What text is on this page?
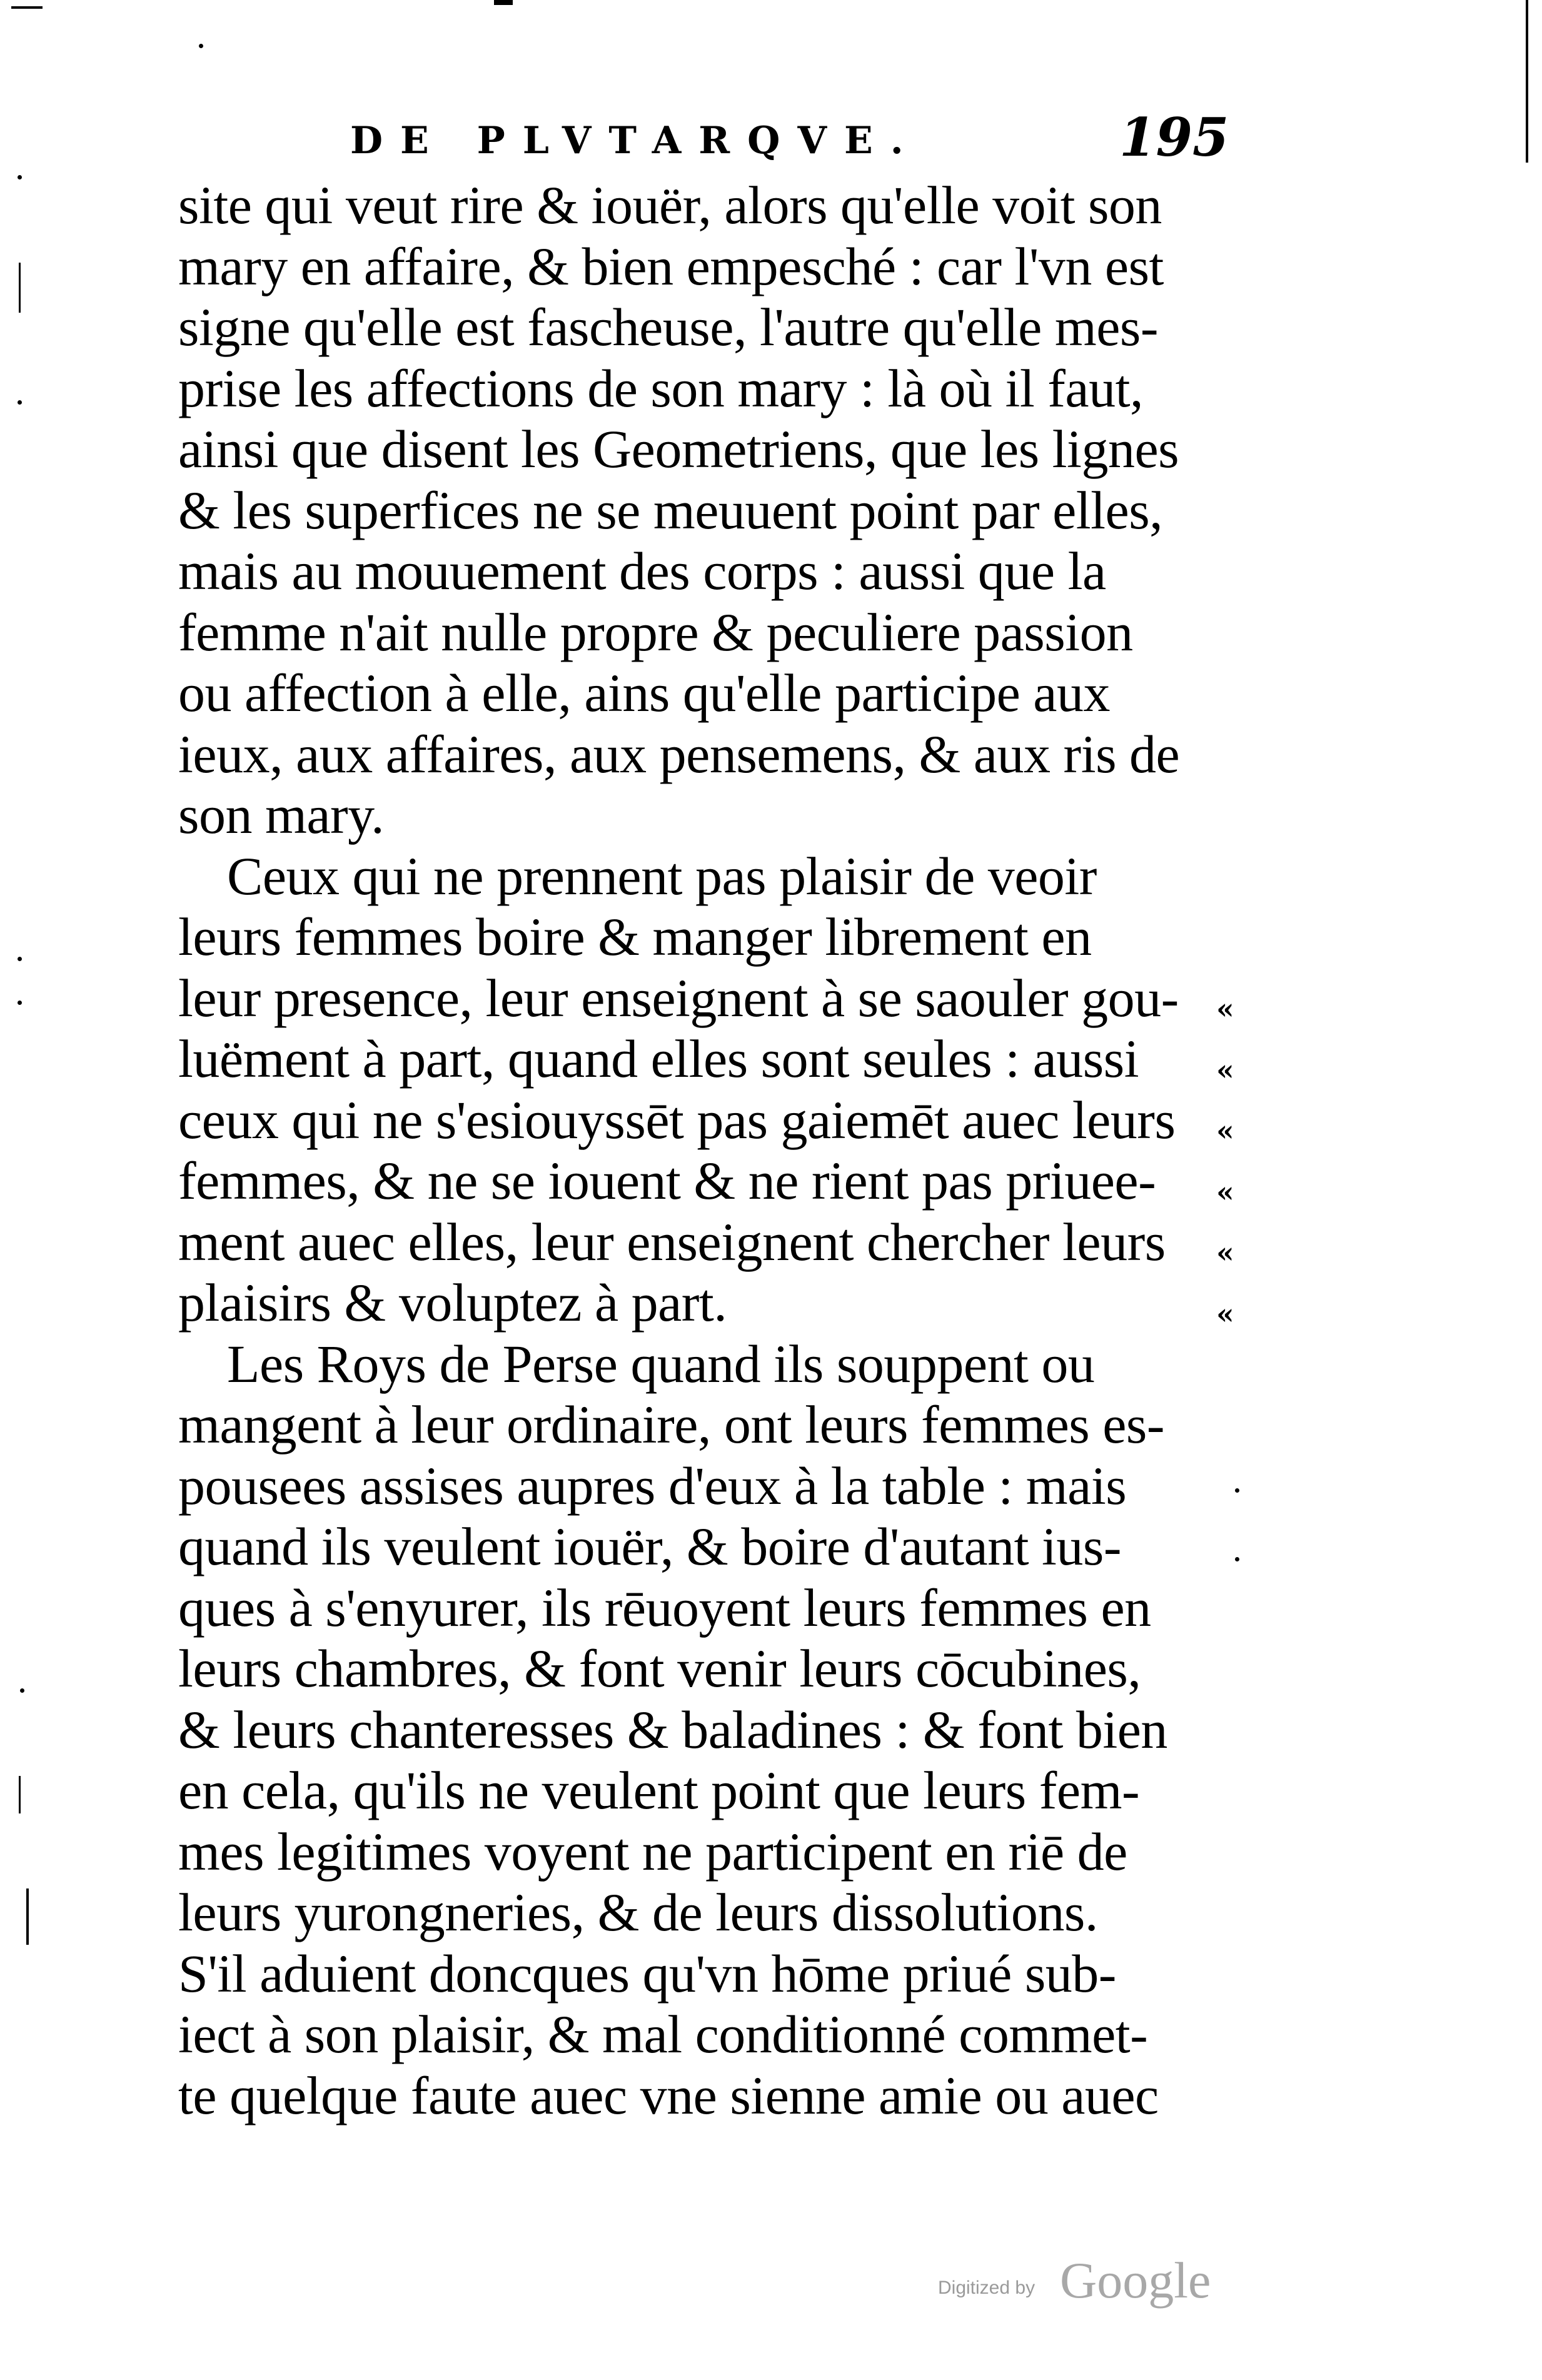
DE PLVTARQVE.	195
site qui veut rire & iouër, alors qu'elle voit son
mary en affaire, & bien empesché : car l'vn est
signe qu'elle est fascheuse, l'autre qu'elle mes-
prise les affections de son mary : là où il faut,
ainsi que disent les Geometriens, que les lignes
& les superfices ne se meuuent point par elles,
mais au mouuement des corps : aussi que la
femme n'ait nulle propre & peculiere passion
ou affection à elle, ains qu'elle participe aux
ieux, aux affaires, aux pensemens, & aux ris de
son mary.
Ceux qui ne prennent pas plaisir de veoir
leurs femmes boire & manger librement en
leur presence, leur enseignent à se saouler gou-
luëment à part, quand elles sont seules : aussi
ceux qui ne s'esiouyssēt pas gaiemēt auec leurs
femmes, & ne se iouent & ne rient pas priuee-
ment auec elles, leur enseignent chercher leurs
plaisirs & voluptez à part.
Les Roys de Perse quand ils souppent ou
mangent à leur ordinaire, ont leurs femmes es-
pousees assises aupres d'eux à la table : mais
quand ils veulent iouër, & boire d'autant ius-
ques à s'enyurer, ils rēuoyent leurs femmes en
leurs chambres, & font venir leurs cōcubines,
& leurs chanteresses & baladines : & font bien
en cela, qu'ils ne veulent point que leurs fem-
mes legitimes voyent ne participent en riē de
leurs yurongneries, & de leurs dissolutions.
S'il aduient doncques qu'vn hōme priué sub-
iect à son plaisir, & mal conditionné commet-
te quelque faute auec vne sienne amie ou auec
«
«
«
«
«
«
Digitized by Google
